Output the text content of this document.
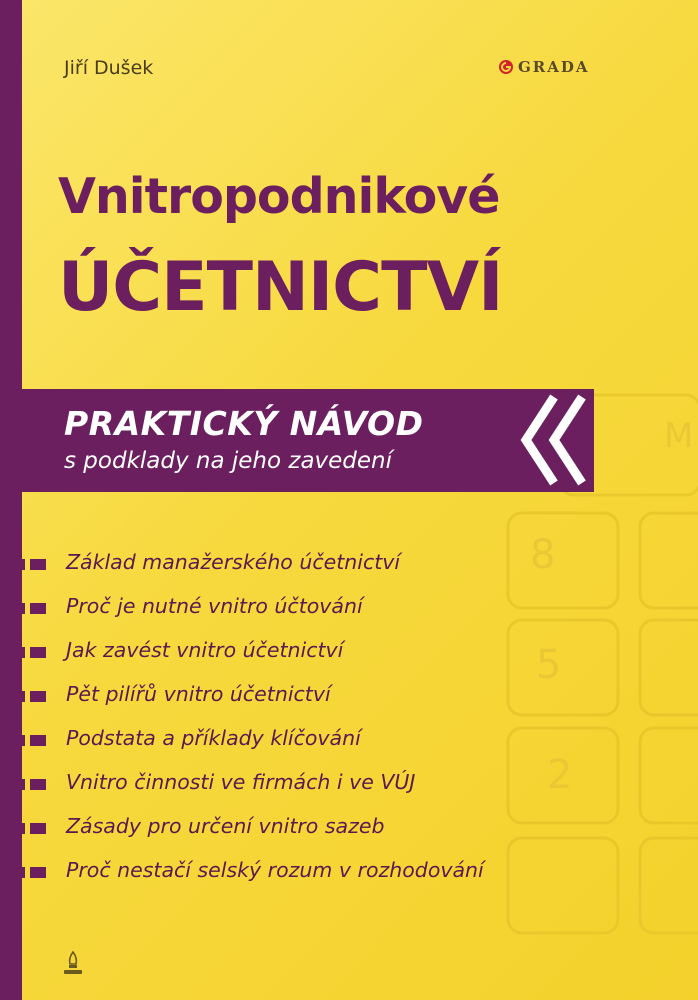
8
5
2
M
Jiří Dušek	GRADA
Vnitropodnikové
ÚČETNICTVÍ
PRAKTICKÝ NÁVOD
s podklady na jeho zavedení
Základ manažerského účetnictví
Proč je nutné vnitro účtování
Jak zavést vnitro účetnictví
Pět pilířů vnitro účetnictví
Podstata a příklady klíčování
Vnitro činnosti ve firmách i ve VÚJ
Zásady pro určení vnitro sazeb
Proč nestačí selský rozum v rozhodování
